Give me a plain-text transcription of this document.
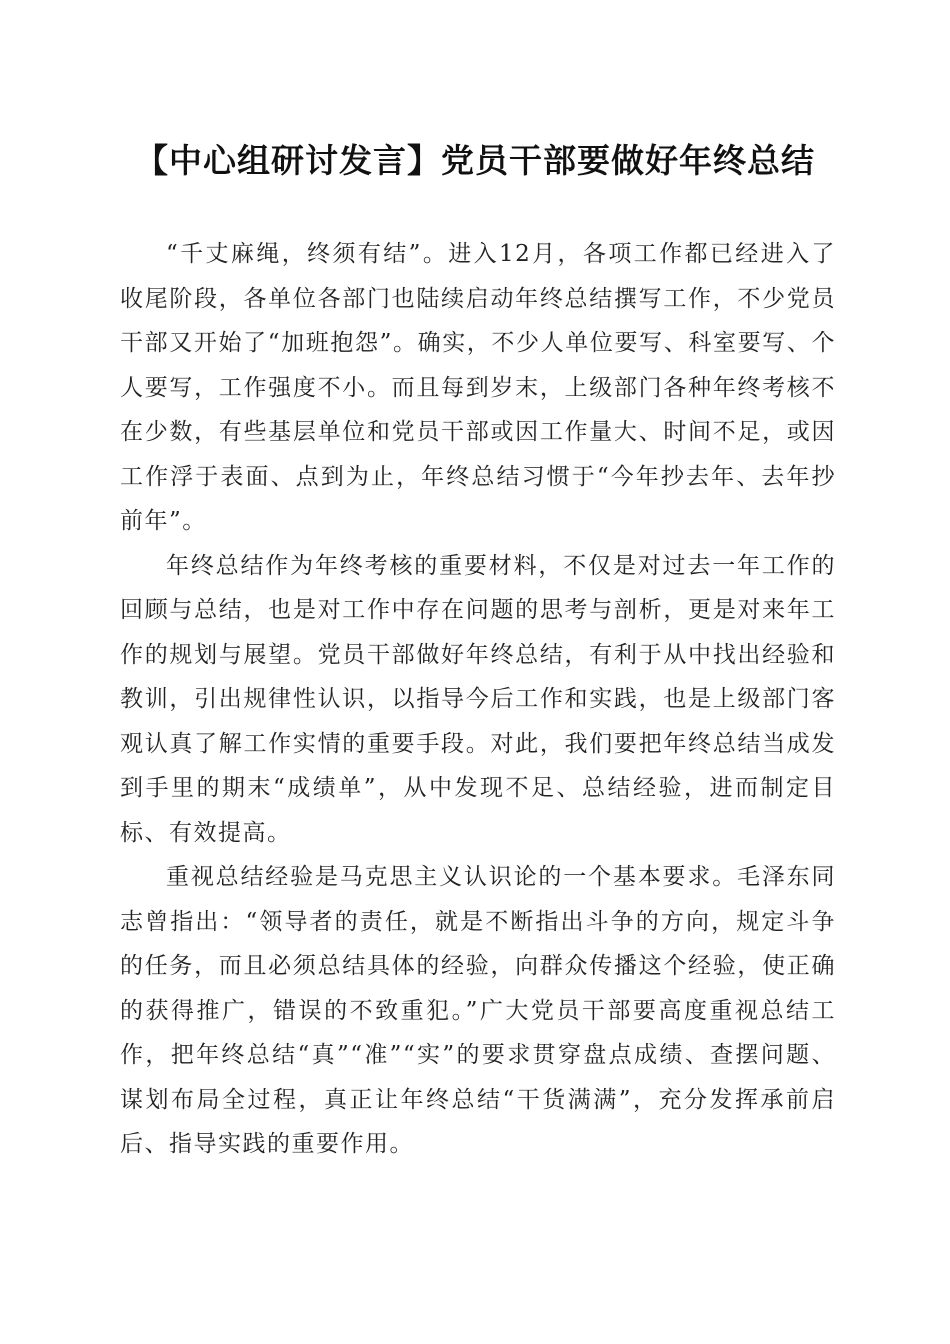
【中心组研讨发言】党员干部要做好年终总结

“千丈麻绳，终须有结”。进入12月，各项工作都已经进入了收尾阶段，各单位各部门也陆续启动年终总结撰写工作，不少党员干部又开始了“加班抱怨”。确实，不少人单位要写、科室要写、个人要写，工作强度不小。而且每到岁末，上级部门各种年终考核不在少数，有些基层单位和党员干部或因工作量大、时间不足，或因工作浮于表面、点到为止，年终总结习惯于“今年抄去年、去年抄前年”。

年终总结作为年终考核的重要材料，不仅是对过去一年工作的回顾与总结，也是对工作中存在问题的思考与剖析，更是对来年工作的规划与展望。党员干部做好年终总结，有利于从中找出经验和教训，引出规律性认识，以指导今后工作和实践，也是上级部门客观认真了解工作实情的重要手段。对此，我们要把年终总结当成发到手里的期末“成绩单”，从中发现不足、总结经验，进而制定目标、有效提高。

重视总结经验是马克思主义认识论的一个基本要求。毛泽东同志曾指出：“领导者的责任，就是不断指出斗争的方向，规定斗争的任务，而且必须总结具体的经验，向群众传播这个经验，使正确的获得推广，错误的不致重犯。”广大党员干部要高度重视总结工作，把年终总结“真”“准”“实”的要求贯穿盘点成绩、查摆问题、谋划布局全过程，真正让年终总结“干货满满”，充分发挥承前启后、指导实践的重要作用。
